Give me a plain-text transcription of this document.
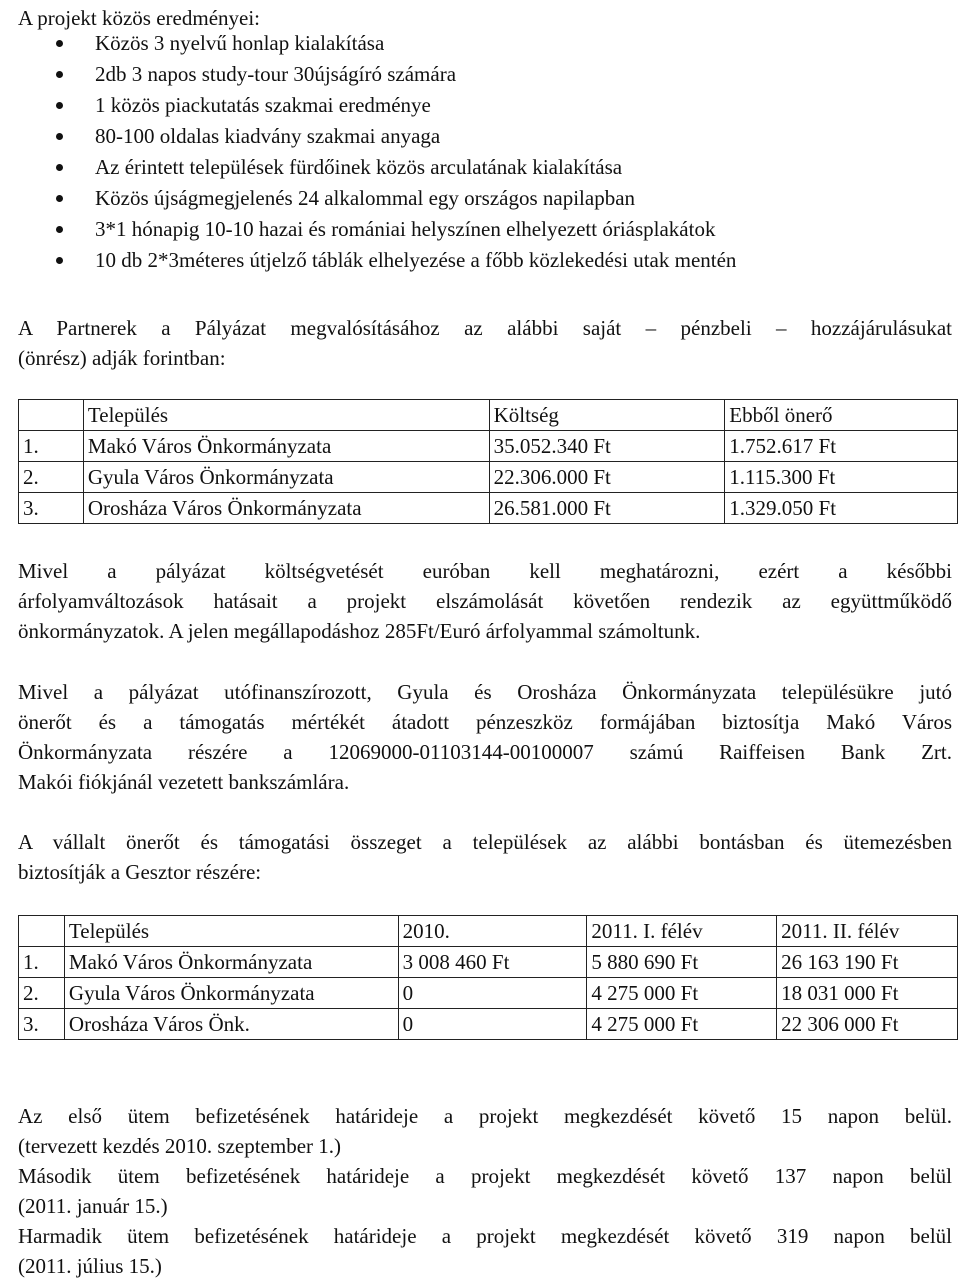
A projekt közös eredményei:
Közös 3 nyelvű honlap kialakítása
2db 3 napos study-tour 30újságíró számára
1 közös piackutatás szakmai eredménye
80-100 oldalas kiadvány szakmai anyaga
Az érintett települések fürdőinek közös arculatának kialakítása
Közös újságmegjelenés 24 alkalommal egy országos napilapban
3*1 hónapig 10-10 hazai és romániai helyszínen elhelyezett óriásplakátok
10 db 2*3méteres útjelző táblák elhelyezése a főbb közlekedési utak mentén
A Partnerek a Pályázat megvalósításához az alábbi saját – pénzbeli – hozzájárulásukat
(önrész) adják forintban:
	Település	Költség	Ebből önerő
1.	Makó Város Önkormányzata	35.052.340 Ft	1.752.617 Ft
2.	Gyula Város Önkormányzata	22.306.000 Ft	1.115.300 Ft
3.	Orosháza Város Önkormányzata	26.581.000 Ft	1.329.050 Ft
Mivel a pályázat költségvetését euróban kell meghatározni, ezért a későbbi
árfolyamváltozások hatásait a projekt elszámolását követően rendezik az együttműködő
önkormányzatok. A jelen megállapodáshoz 285Ft/Euró árfolyammal számoltunk.
Mivel a pályázat utófinanszírozott, Gyula és Orosháza Önkormányzata településükre jutó
önerőt és a támogatás mértékét átadott pénzeszköz formájában biztosítja Makó Város
Önkormányzata részére a 12069000-01103144-00100007 számú Raiffeisen Bank Zrt.
Makói fiókjánál vezetett bankszámlára.
A vállalt önerőt és támogatási összeget a települések az alábbi bontásban és ütemezésben
biztosítják a Gesztor részére:
	Település	2010.	2011. I. félév	2011. II. félév
1.	Makó Város Önkormányzata	3 008 460 Ft	5 880 690 Ft	26 163 190 Ft
2.	Gyula Város Önkormányzata	0	4 275 000 Ft	18 031 000 Ft
3.	Orosháza Város Önk.	0	4 275 000 Ft	22 306 000 Ft
Az első ütem befizetésének határideje a projekt megkezdését követő 15 napon belül.
(tervezett kezdés 2010. szeptember 1.)
Második ütem befizetésének határideje a projekt megkezdését követő 137 napon belül
(2011. január 15.)
Harmadik ütem befizetésének határideje a projekt megkezdését követő 319 napon belül
(2011. július 15.)
